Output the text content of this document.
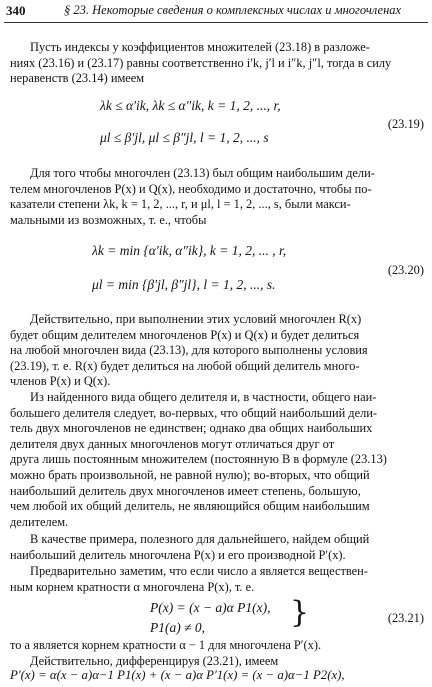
340	§ 23. Некоторые сведения о комплексных числах и многочленах
Пусть индексы у коэффициентов множителей (23.18) в разложе-
ниях (23.16) и (23.17) равны соответственно i′k, j′l и i″k, j″l, тогда в силу
неравенств (23.14) имеем
λk ≤ α′ik, λk ≤ α″ik, k = 1, 2, ..., r,
μl ≤ β′jl, μl ≤ β″jl, l = 1, 2, ..., s
(23.19)
Для того чтобы многочлен (23.13) был общим наибольшим дели-
телем многочленов P(x) и Q(x), необходимо и достаточно, чтобы по-
казатели степени λk, k = 1, 2, ..., r, и μl, l = 1, 2, ..., s, были макси-
мальными из возможных, т. е., чтобы
λk = min {α′ik, α″ik}, k = 1, 2, ... , r,
μl = min {β′jl, β″jl}, l = 1, 2, ..., s.
(23.20)
Действительно, при выполнении этих условий многочлен R(x)
будет общим делителем многочленов P(x) и Q(x) и будет делиться
на любой многочлен вида (23.13), для которого выполнены условия
(23.19), т. е. R(x) будет делиться на любой общий делитель много-
членов P(x) и Q(x).
Из найденного вида общего делителя и, в частности, общего наи-
большего делителя следует, во-первых, что общий наибольший дели-
тель двух многочленов не единствен; однако два общих наибольших
делителя двух данных многочленов могут отличаться друг от
друга лишь постоянным множителем (постоянную B в формуле (23.13)
можно брать произвольной, не равной нулю); во-вторых, что общий
наибольший делитель двух многочленов имеет степень, большую,
чем любой их общий делитель, не являющийся общим наибольшим
делителем.
В качестве примера, полезного для дальнейшего, найдем общий
наибольший делитель многочлена P(x) и его производной P′(x).
Предварительно заметим, что если число a является веществен-
ным корнем кратности α многочлена P(x), т. е.
P(x) = (x − a)α P1(x),
P1(a) ≠ 0,	}	(23.21)
то a является корнем кратности α − 1 для многочлена P′(x).
Действительно, дифференцируя (23.21), имеем
P′(x) = α(x − a)α−1 P1(x) + (x − a)α P′1(x) = (x − a)α−1 P2(x),
